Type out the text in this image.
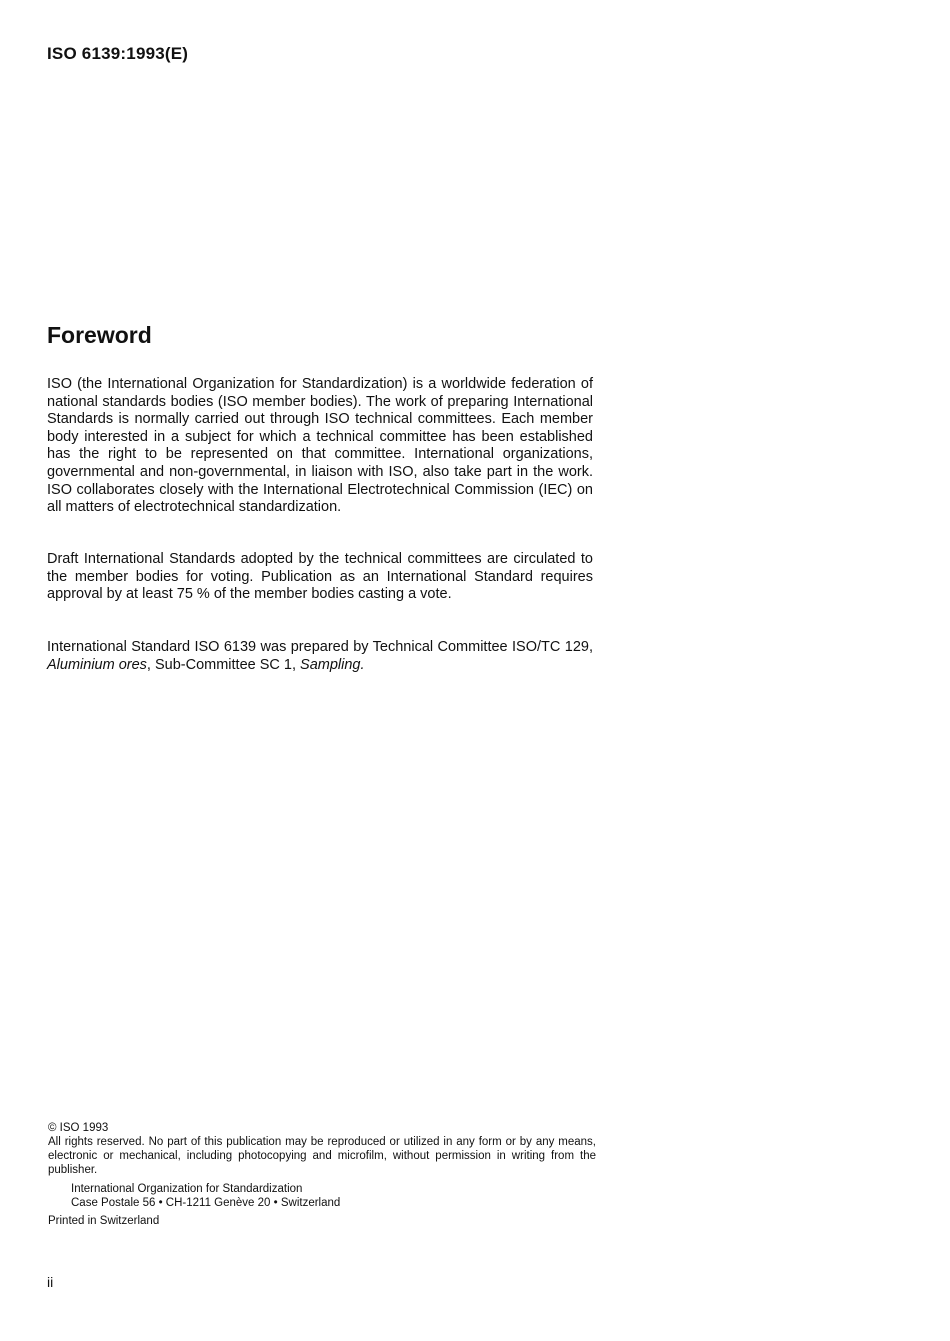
ISO 6139:1993(E)
Foreword
ISO (the International Organization for Standardization) is a worldwide federation of national standards bodies (ISO member bodies). The work of preparing International Standards is normally carried out through ISO technical committees. Each member body interested in a subject for which a technical committee has been established has the right to be represented on that committee. International organizations, governmental and non-governmental, in liaison with ISO, also take part in the work. ISO collaborates closely with the International Electrotechnical Commission (IEC) on all matters of electrotechnical standardization.
Draft International Standards adopted by the technical committees are circulated to the member bodies for voting. Publication as an International Standard requires approval by at least 75 % of the member bodies casting a vote.
International Standard ISO 6139 was prepared by Technical Committee ISO/TC 129, Aluminium ores, Sub-Committee SC 1, Sampling.
© ISO 1993
All rights reserved. No part of this publication may be reproduced or utilized in any form or by any means, electronic or mechanical, including photocopying and microfilm, without permission in writing from the publisher.
International Organization for Standardization
Case Postale 56 • CH-1211 Genève 20 • Switzerland
Printed in Switzerland
ii
